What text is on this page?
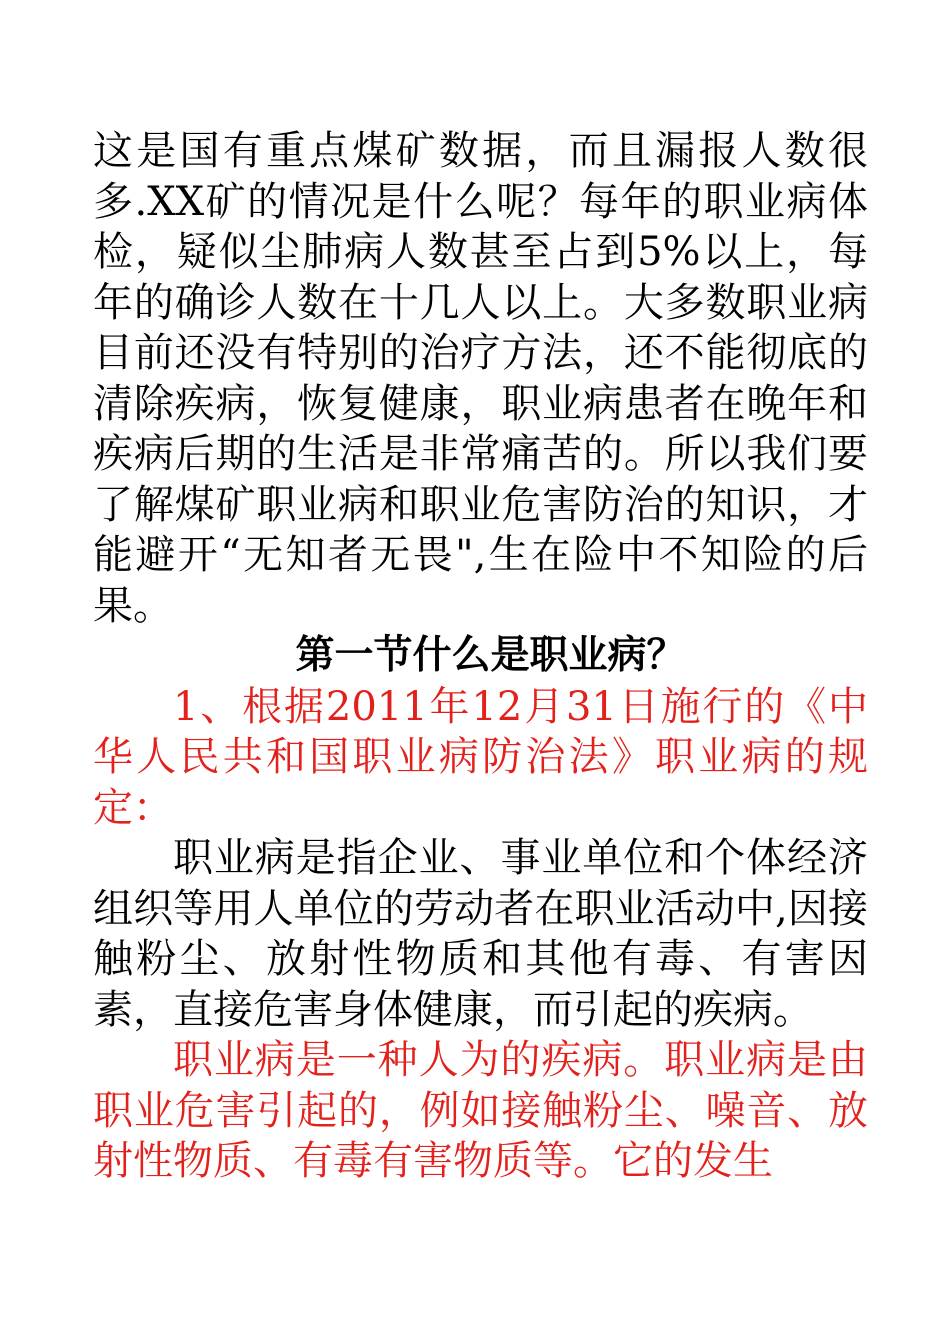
这是国有重点煤矿数据，而且漏报人数很多.XX矿的情况是什么呢？每年的职业病体检，疑似尘肺病人数甚至占到5%以上，每年的确诊人数在十几人以上。大多数职业病目前还没有特别的治疗方法，还不能彻底的清除疾病，恢复健康，职业病患者在晚年和疾病后期的生活是非常痛苦的。所以我们要了解煤矿职业病和职业危害防治的知识，才能避开“无知者无畏",生在险中不知险的后果。

第一节什么是职业病？

1、根据2011年12月31日施行的《中华人民共和国职业病防治法》职业病的规定：

职业病是指企业、事业单位和个体经济组织等用人单位的劳动者在职业活动中,因接触粉尘、放射性物质和其他有毒、有害因素，直接危害身体健康，而引起的疾病。

职业病是一种人为的疾病。职业病是由职业危害引起的，例如接触粉尘、噪音、放射性物质、有毒有害物质等。它的发生
